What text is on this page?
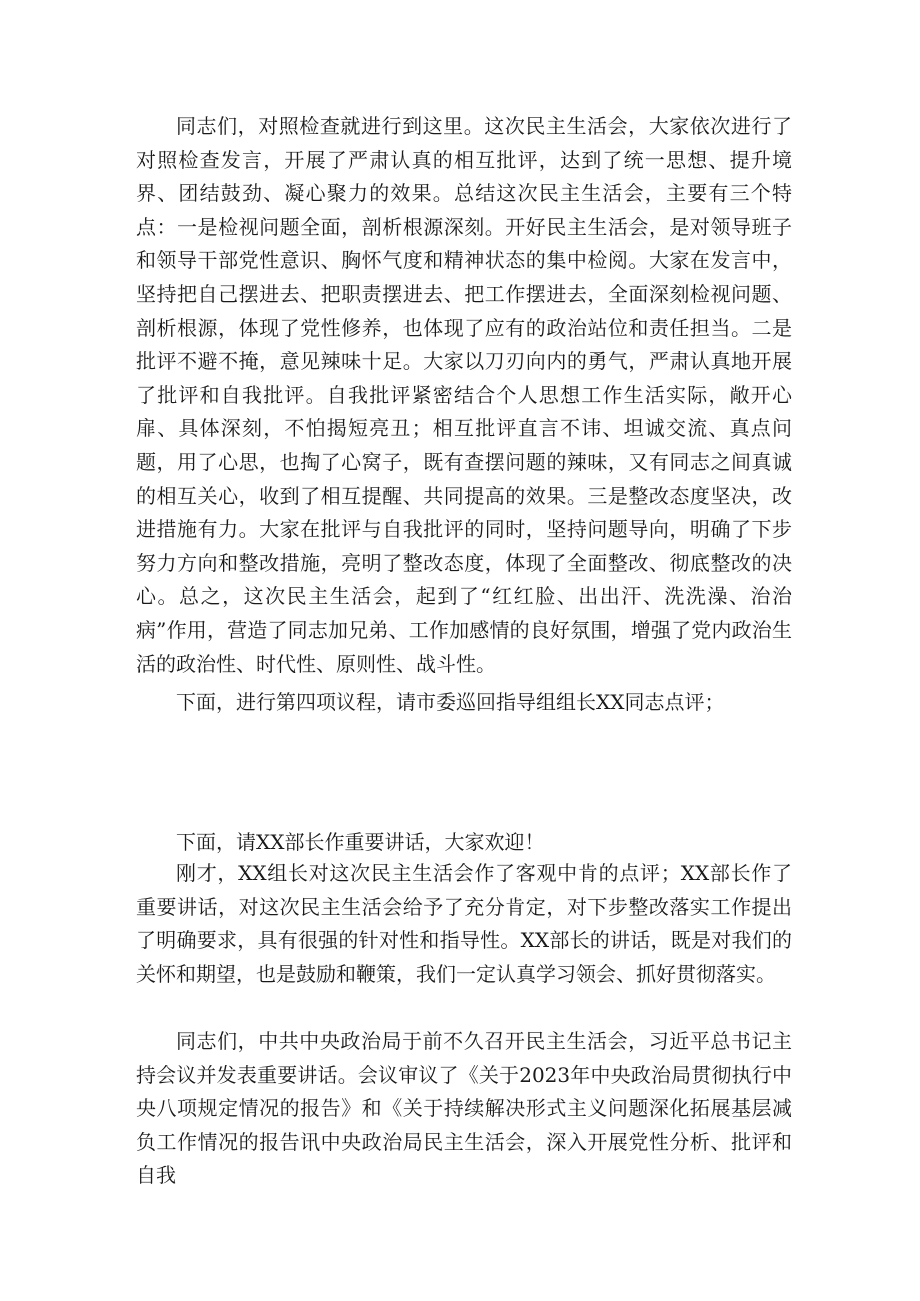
同志们，对照检查就进行到这里。这次民主生活会，大家依次进行了对照检查发言，开展了严肃认真的相互批评，达到了统一思想、提升境界、团结鼓劲、凝心聚力的效果。总结这次民主生活会，主要有三个特点：一是检视问题全面，剖析根源深刻。开好民主生活会，是对领导班子和领导干部党性意识、胸怀气度和精神状态的集中检阅。大家在发言中，坚持把自己摆进去、把职责摆进去、把工作摆进去，全面深刻检视问题、剖析根源，体现了党性修养，也体现了应有的政治站位和责任担当。二是批评不避不掩，意见辣味十足。大家以刀刃向内的勇气，严肃认真地开展了批评和自我批评。自我批评紧密结合个人思想工作生活实际，敞开心扉、具体深刻，不怕揭短亮丑；相互批评直言不讳、坦诚交流、真点问题，用了心思，也掏了心窝子，既有查摆问题的辣味，又有同志之间真诚的相互关心，收到了相互提醒、共同提高的效果。三是整改态度坚决，改进措施有力。大家在批评与自我批评的同时，坚持问题导向，明确了下步努力方向和整改措施，亮明了整改态度，体现了全面整改、彻底整改的决心。总之，这次民主生活会，起到了“红红脸、出出汗、洗洗澡、治治病”作用，营造了同志加兄弟、工作加感情的良好氛围，增强了党内政治生活的政治性、时代性、原则性、战斗性。

下面，进行第四项议程，请市委巡回指导组组长XX同志点评；

下面，请XX部长作重要讲话，大家欢迎！

刚才，XX组长对这次民主生活会作了客观中肯的点评；XX部长作了重要讲话，对这次民主生活会给予了充分肯定，对下步整改落实工作提出了明确要求，具有很强的针对性和指导性。XX部长的讲话，既是对我们的关怀和期望，也是鼓励和鞭策，我们一定认真学习领会、抓好贯彻落实。

同志们，中共中央政治局于前不久召开民主生活会，习近平总书记主持会议并发表重要讲话。会议审议了《关于2023年中央政治局贯彻执行中央八项规定情况的报告》和《关于持续解决形式主义问题深化拓展基层减负工作情况的报告讯中央政治局民主生活会，深入开展党性分析、批评和自我
